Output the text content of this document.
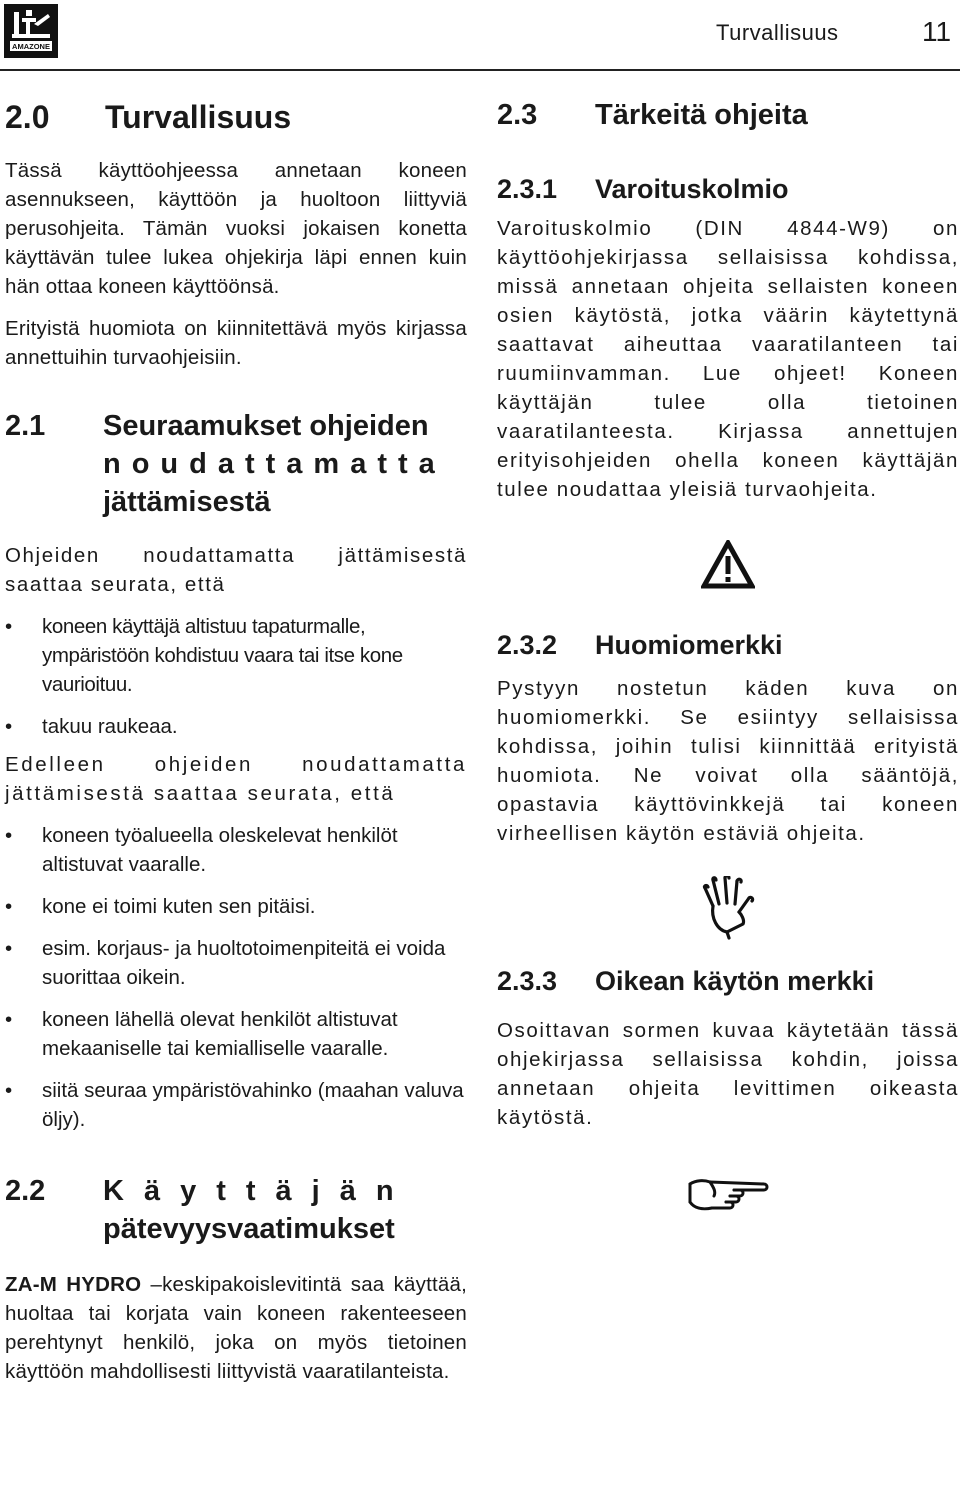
AMAZONE
Turvallisuus	11
2.0	Turvallisuus

Tässä käyttöohjeessa annetaan koneen asennukseen, käyttöön ja huoltoon liittyviä perusohjeita. Tämän vuoksi jokaisen konetta käyttävän tulee lukea ohjekirja läpi ennen kuin hän ottaa koneen käyttöönsä.

Erityistä huomiota on kiinnitettävä myös kirjassa annettuihin turvaohjeisiin.

2.1	Seuraamukset ohjeiden
noudattamatta
jättämisestä

Ohjeiden noudattamatta jättämisestä saattaa seurata, että

• koneen käyttäjä altistuu tapaturmalle, ympäristöön kohdistuu vaara tai itse kone vaurioituu.
• takuu raukeaa.

Edelleen ohjeiden noudattamatta jättämisestä saattaa seurata, että

• koneen työalueella oleskelevat henkilöt altistuvat vaaralle.
• kone ei toimi kuten sen pitäisi.
• esim. korjaus- ja huoltotoimenpiteitä ei voida suorittaa oikein.
• koneen lähellä olevat henkilöt altistuvat mekaaniselle tai kemialliselle vaaralle.
• siitä seuraa ympäristövahinko (maahan valuva öljy).
2.2	Käyttäjän
pätevyysvaatimukset

ZA-M HYDRO –keskipakoislevitintä saa käyttää, huoltaa tai korjata vain koneen rakenteeseen perehtynyt henkilö, joka on myös tietoinen käyttöön mahdollisesti liittyvistä vaaratilanteista.

2.3	Tärkeitä ohjeita
2.3.1	Varoituskolmio

Varoituskolmio (DIN 4844-W9) on käyttöohjekirjassa sellaisissa kohdissa, missä annetaan ohjeita sellaisten koneen osien käytöstä, jotka väärin käytettynä saattavat aiheuttaa vaaratilanteen tai ruumiinvamman. Lue ohjeet! Koneen käyttäjän tulee olla tietoinen vaaratilanteesta. Kirjassa annettujen erityisohjeiden ohella koneen käyttäjän tulee noudattaa yleisiä turvaohjeita.

2.3.2	Huomiomerkki

Pystyyn nostetun käden kuva on huomiomerkki. Se esiintyy sellaisissa kohdissa, joihin tulisi kiinnittää erityistä huomiota. Ne voivat olla sääntöjä, opastavia käyttövinkkejä tai koneen virheellisen käytön estäviä ohjeita.

2.3.3	Oikean käytön merkki

Osoittavan sormen kuvaa käytetään tässä ohjekirjassa sellaisissa kohdin, joissa annetaan ohjeita levittimen oikeasta käytöstä.
